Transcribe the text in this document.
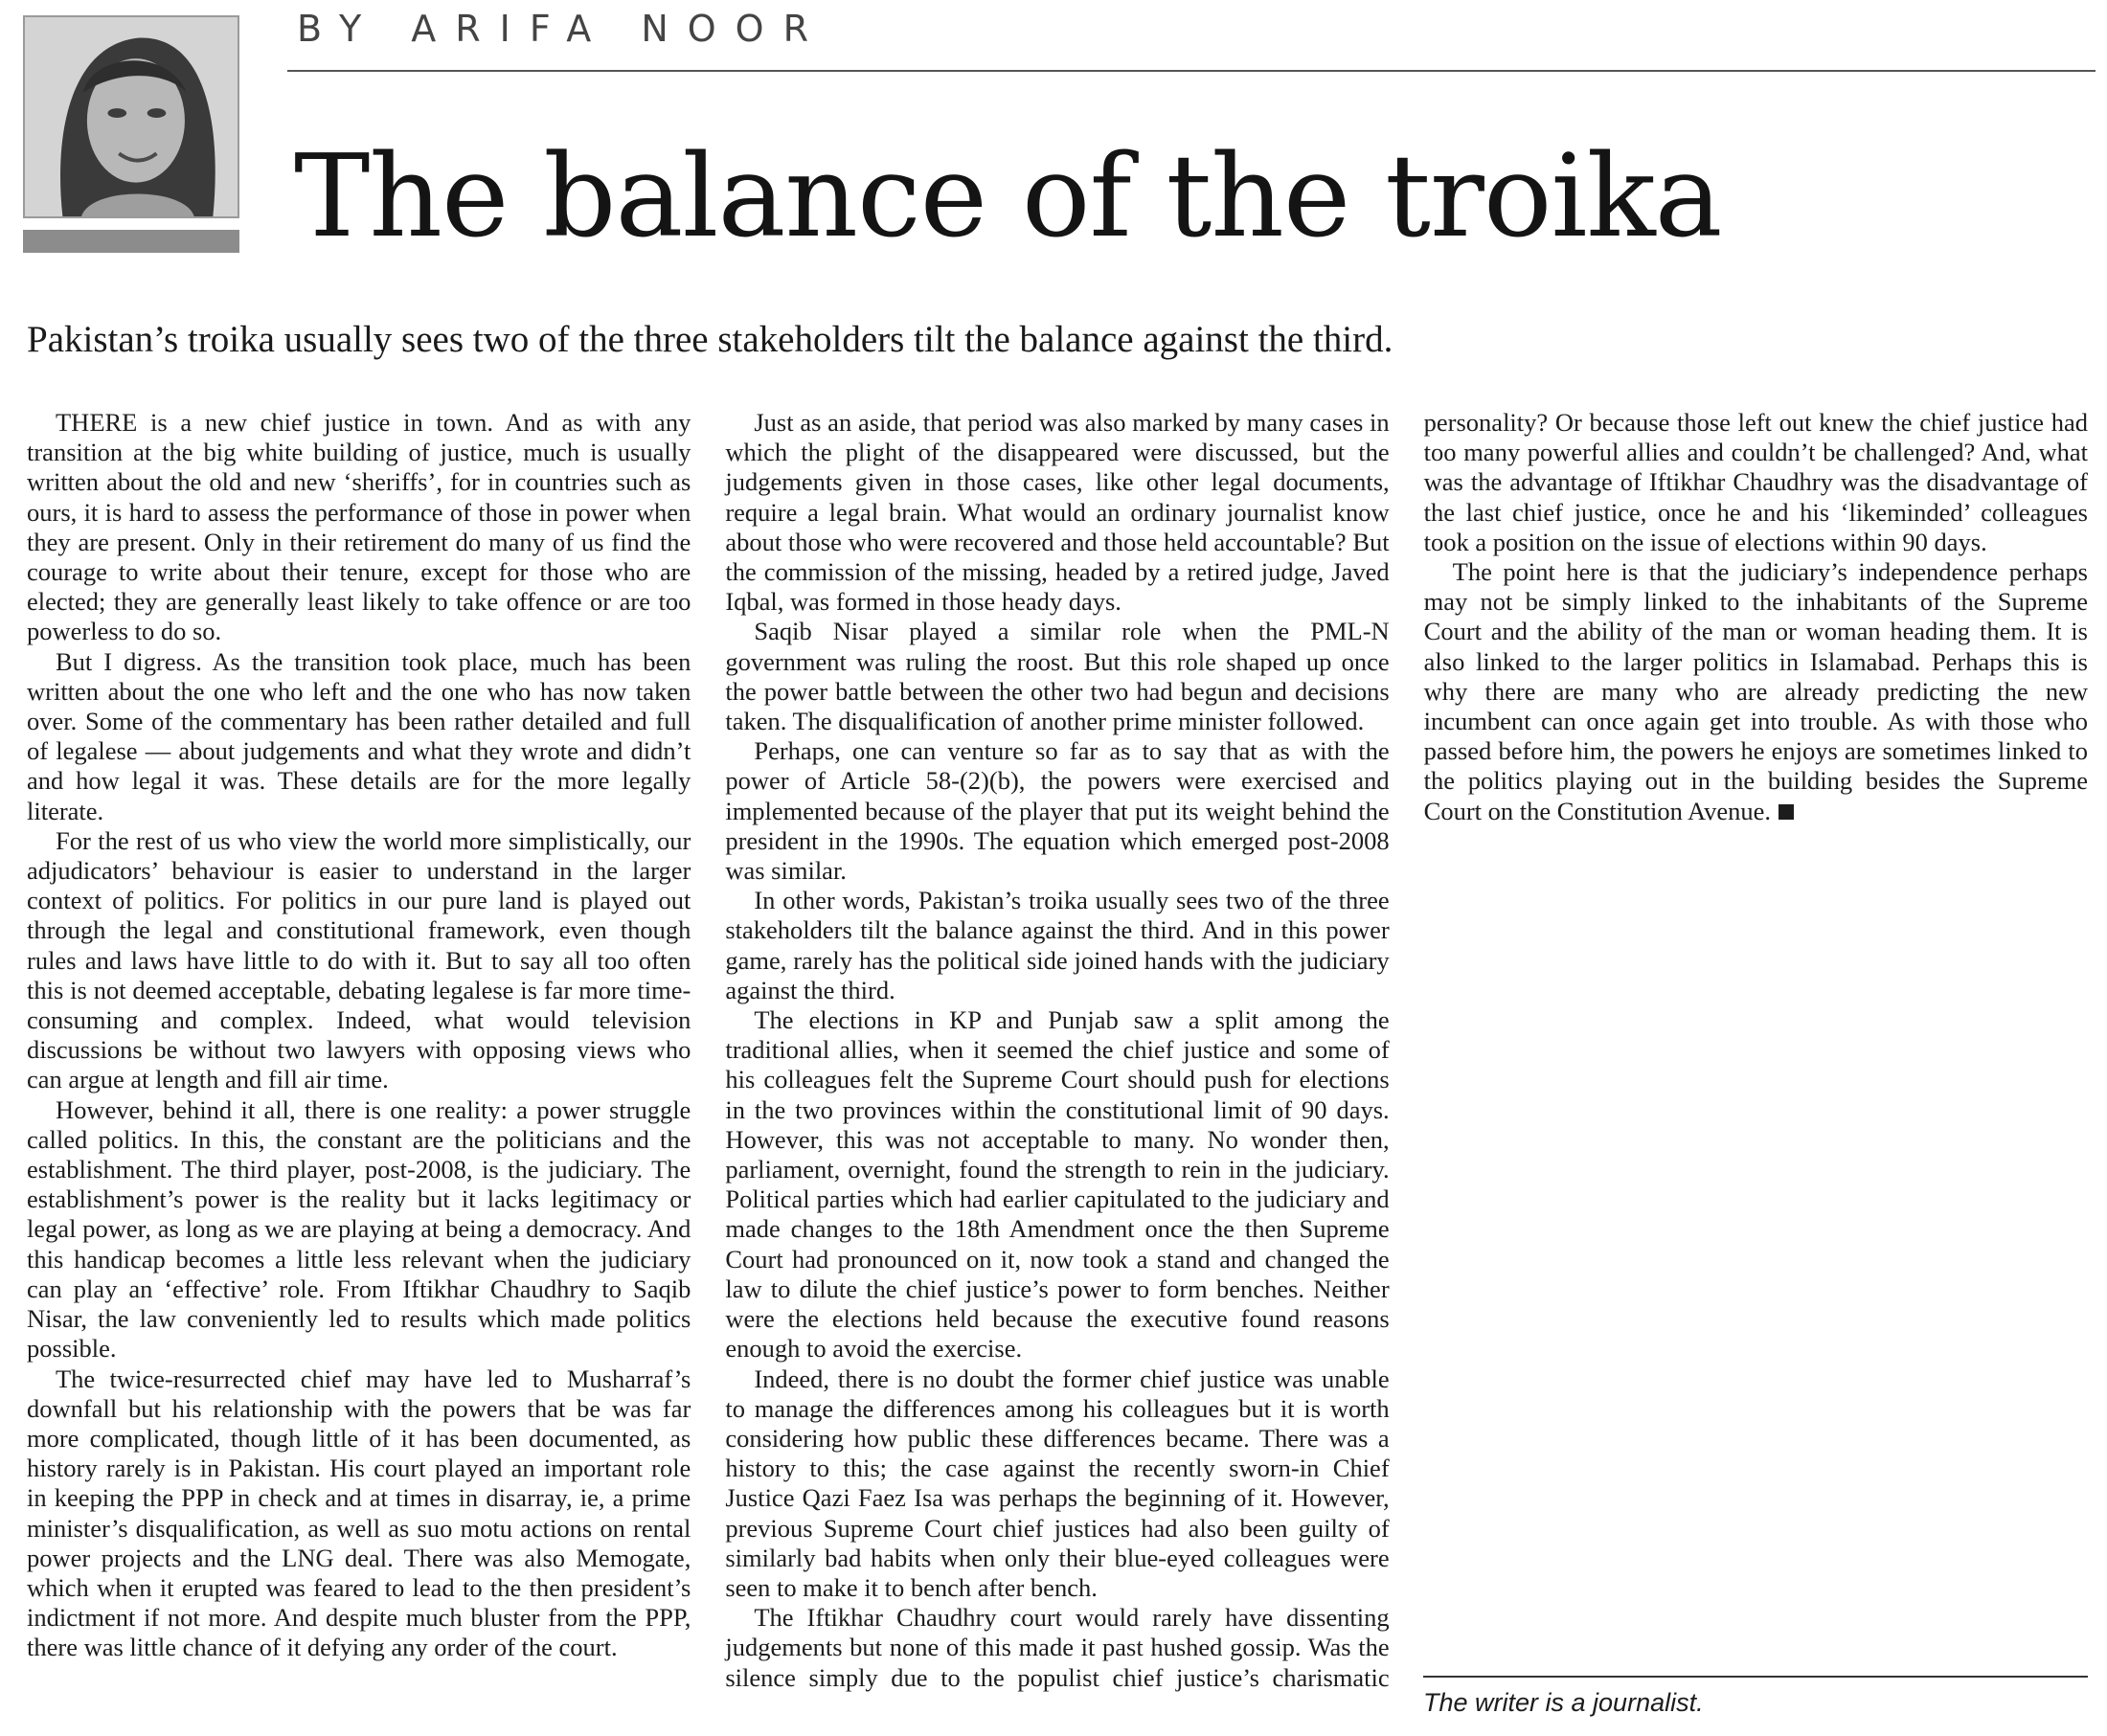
BY ARIFA NOOR
The balance of the troika

Pakistan’s troika usually sees two of the three stakeholders tilt the balance against the third.

THERE is a new chief justice in town. And as with any transition at the big white building of justice, much is usually written about the old and new ‘sheriffs’, for in countries such as ours, it is hard to assess the performance of those in power when they are present. Only in their retirement do many of us find the courage to write about their tenure, except for those who are elected; they are generally least likely to take offence or are too powerless to do so.

But I digress. As the transition took place, much has been written about the one who left and the one who has now taken over. Some of the commentary has been rather detailed and full of legalese — about judgements and what they wrote and didn’t and how legal it was. These details are for the more legally literate.

For the rest of us who view the world more simplistically, our adjudicators’ behaviour is easier to understand in the larger context of politics. For politics in our pure land is played out through the legal and constitutional framework, even though rules and laws have little to do with it. But to say all too often this is not deemed acceptable, debating legalese is far more time-consuming and complex. Indeed, what would television discussions be without two lawyers with opposing views who can argue at length and fill air time.

However, behind it all, there is one reality: a power struggle called politics. In this, the constant are the politicians and the establishment. The third player, post-2008, is the judiciary. The establishment’s power is the reality but it lacks legitimacy or legal power, as long as we are playing at being a democracy. And this handicap becomes a little less relevant when the judiciary can play an ‘effective’ role. From Iftikhar Chaudhry to Saqib Nisar, the law conveniently led to results which made politics possible.

The twice-resurrected chief may have led to Musharraf’s downfall but his relationship with the powers that be was far more complicated, though little of it has been documented, as history rarely is in Pakistan. His court played an important role in keeping the PPP in check and at times in disarray, ie, a prime minister’s disqualification, as well as suo motu actions on rental power projects and the LNG deal. There was also Memogate, which when it erupted was feared to lead to the then president’s indictment if not more. And despite much bluster from the PPP, there was little chance of it defying any order of the court.

Just as an aside, that period was also marked by many cases in which the plight of the disappeared were discussed, but the judgements given in those cases, like other legal documents, require a legal brain. What would an ordinary journalist know about those who were recovered and those held accountable? But the commission of the missing, headed by a retired judge, Javed Iqbal, was formed in those heady days.

Saqib Nisar played a similar role when the PML-N government was ruling the roost. But this role shaped up once the power battle between the other two had begun and decisions taken. The disqualification of another prime minister followed.

Perhaps, one can venture so far as to say that as with the power of Article 58-(2)(b), the powers were exercised and implemented because of the player that put its weight behind the president in the 1990s. The equation which emerged post-2008 was similar.

In other words, Pakistan’s troika usually sees two of the three stakeholders tilt the balance against the third. And in this power game, rarely has the political side joined hands with the judiciary against the third.

The elections in KP and Punjab saw a split among the traditional allies, when it seemed the chief justice and some of his colleagues felt the Supreme Court should push for elections in the two provinces within the constitutional limit of 90 days. However, this was not acceptable to many. No wonder then, parliament, overnight, found the strength to rein in the judiciary. Political parties which had earlier capitulated to the judiciary and made changes to the 18th Amendment once the then Supreme Court had pronounced on it, now took a stand and changed the law to dilute the chief justice’s power to form benches. Neither were the elections held because the executive found reasons enough to avoid the exercise.

Indeed, there is no doubt the former chief justice was unable to manage the differences among his colleagues but it is worth considering how public these differences became. There was a history to this; the case against the recently sworn-in Chief Justice Qazi Faez Isa was perhaps the beginning of it. However, previous Supreme Court chief justices had also been guilty of similarly bad habits when only their blue-eyed colleagues were seen to make it to bench after bench.

The Iftikhar Chaudhry court would rarely have dissenting judgements but none of this made it past hushed gossip. Was the silence simply due to the populist chief justice’s charismatic personality? Or because those left out knew the chief justice had too many powerful allies and couldn’t be challenged? And, what was the advantage of Iftikhar Chaudhry was the disadvantage of the last chief justice, once he and his ‘likeminded’ colleagues took a position on the issue of elections within 90 days.

The point here is that the judiciary’s independence perhaps may not be simply linked to the inhabitants of the Supreme Court and the ability of the man or woman heading them. It is also linked to the larger politics in Islamabad. Perhaps this is why there are many who are already predicting the new incumbent can once again get into trouble. As with those who passed before him, the powers he enjoys are sometimes linked to the politics playing out in the building besides the Supreme Court on the Constitution Avenue.

The writer is a journalist.
